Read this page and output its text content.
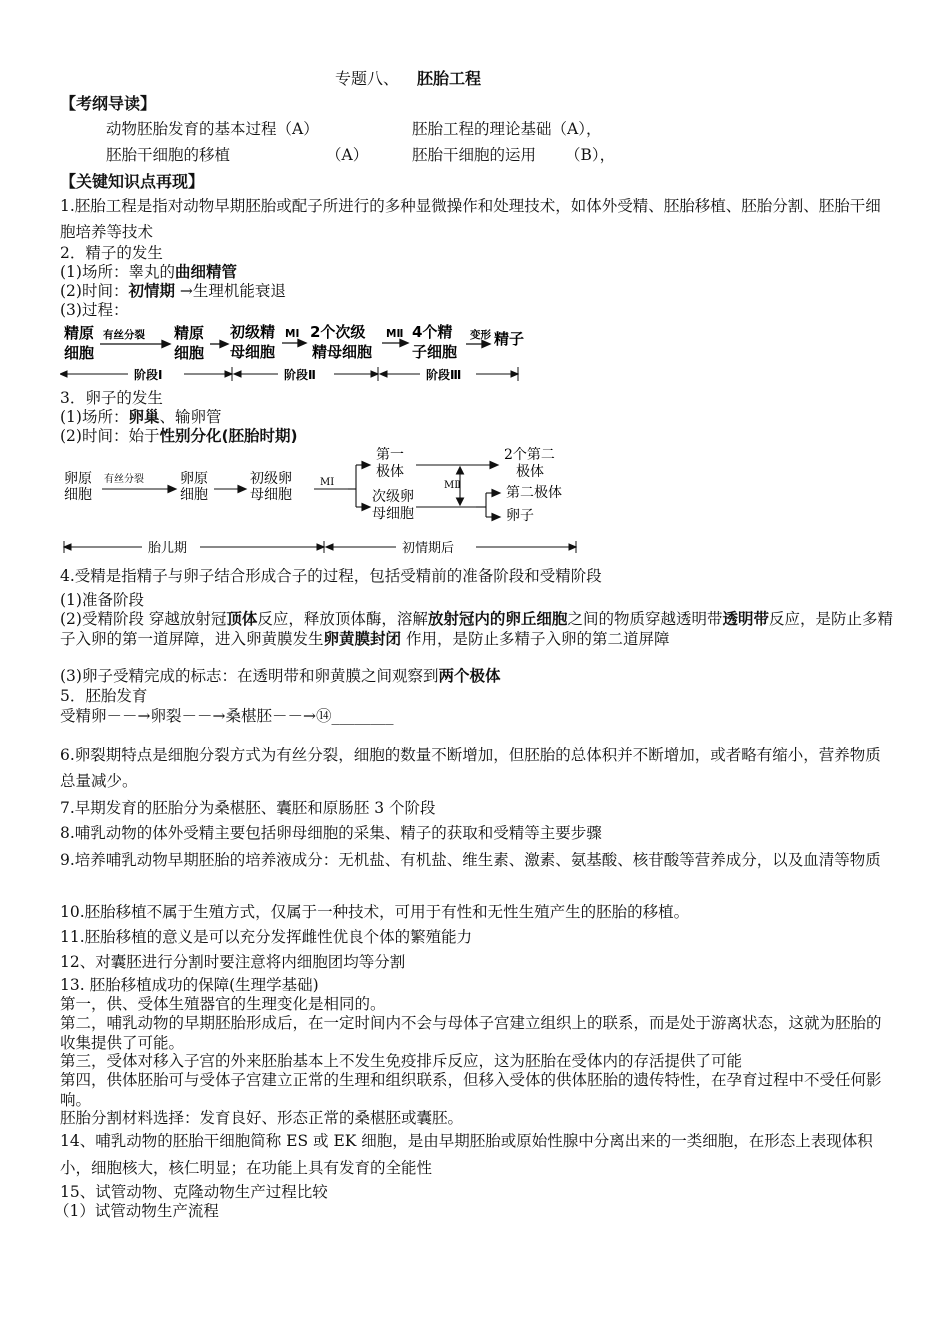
专题八、 胚胎工程
【考纲导读】
动物胚胎发育的基本过程（A）	胚胎工程的理论基础（A），
胚胎干细胞的移植	（A）	胚胎干细胞的运用 （B），
【关键知识点再现】
1.胚胎工程是指对动物早期胚胎或配子所进行的多种显微操作和处理技术，如体外受精、胚胎移植、胚胎分割、胚胎干细胞培养等技术
2．精子的发生
(1)场所：睾丸的曲细精管
(2)时间：初情期 →生理机能衰退
(3)过程：
精原
细胞
精原
细胞
初级精
母细胞
2个次级
精母细胞
4个精
子细胞
精子
有丝分裂	MⅠ	MⅡ	变形
阶段Ⅰ	阶段Ⅱ	阶段Ⅲ
3．卵子的发生
(1)场所：卵巢、输卵管
(2)时间：始于性别分化(胚胎时期)
卵原
细胞
卵原
细胞
初级卵
母细胞
第一
极体
2个第二
极体
次级卵
母细胞
第二极体
卵子
有丝分裂	MⅠ	MⅡ
胎儿期	初情期后
4.受精是指精子与卵子结合形成合子的过程，包括受精前的准备阶段和受精阶段
(1)准备阶段
(2)受精阶段 穿越放射冠顶体反应，释放顶体酶，溶解放射冠内的卵丘细胞之间的物质穿越透明带透明带反应，是防止多精子入卵的第一道屏障，进入卵黄膜发生卵黄膜封闭 作用，是防止多精子入卵的第二道屏障
(3)卵子受精完成的标志：在透明带和卵黄膜之间观察到两个极体
5．胚胎发育
受精卵－－→卵裂－－→桑椹胚－－→⑭________
6.卵裂期特点是细胞分裂方式为有丝分裂，细胞的数量不断增加，但胚胎的总体积并不断增加，或者略有缩小，营养物质总量减少。
7.早期发育的胚胎分为桑椹胚、囊胚和原肠胚 3 个阶段
8.哺乳动物的体外受精主要包括卵母细胞的采集、精子的获取和受精等主要步骤
9.培养哺乳动物早期胚胎的培养液成分：无机盐、有机盐、维生素、激素、氨基酸、核苷酸等营养成分，以及血清等物质
10.胚胎移植不属于生殖方式，仅属于一种技术，可用于有性和无性生殖产生的胚胎的移植。
11.胚胎移植的意义是可以充分发挥雌性优良个体的繁殖能力
12、对囊胚进行分割时要注意将内细胞团均等分割
13. 胚胎移植成功的保障(生理学基础)
第一，供、受体生殖器官的生理变化是相同的。
第二，哺乳动物的早期胚胎形成后，在一定时间内不会与母体子宫建立组织上的联系，而是处于游离状态，这就为胚胎的收集提供了可能。
第三，受体对移入子宫的外来胚胎基本上不发生免疫排斥反应，这为胚胎在受体内的存活提供了可能
第四，供体胚胎可与受体子宫建立正常的生理和组织联系，但移入受体的供体胚胎的遗传特性，在孕育过程中不受任何影响。
胚胎分割材料选择：发育良好、形态正常的桑椹胚或囊胚。
14、哺乳动物的胚胎干细胞简称 ES 或 EK 细胞，是由早期胚胎或原始性腺中分离出来的一类细胞，在形态上表现体积小，细胞核大，核仁明显；在功能上具有发育的全能性
15、试管动物、克隆动物生产过程比较
（1）试管动物生产流程
